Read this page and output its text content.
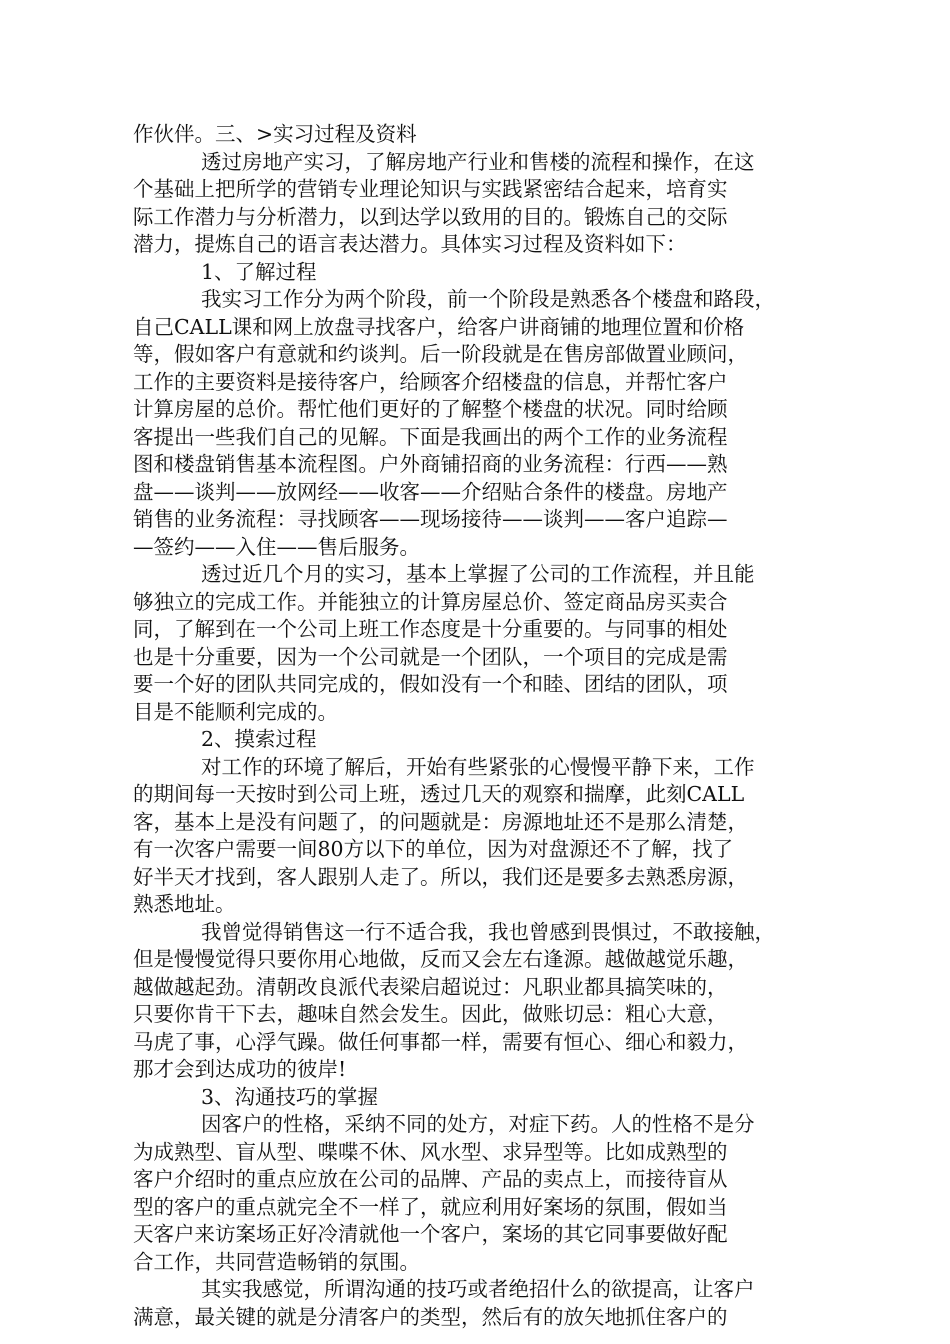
作伙伴。三、>实习过程及资料
透过房地产实习，了解房地产行业和售楼的流程和操作，在这
个基础上把所学的营销专业理论知识与实践紧密结合起来，培育实
际工作潜力与分析潜力，以到达学以致用的目的。锻炼自己的交际
潜力，提炼自己的语言表达潜力。具体实习过程及资料如下：
1、了解过程
我实习工作分为两个阶段，前一个阶段是熟悉各个楼盘和路段，
自己CALL课和网上放盘寻找客户，给客户讲商铺的地理位置和价格
等，假如客户有意就和约谈判。后一阶段就是在售房部做置业顾问，
工作的主要资料是接待客户，给顾客介绍楼盘的信息，并帮忙客户
计算房屋的总价。帮忙他们更好的了解整个楼盘的状况。同时给顾
客提出一些我们自己的见解。下面是我画出的两个工作的业务流程
图和楼盘销售基本流程图。户外商铺招商的业务流程：行西——熟
盘——谈判——放网经——收客——介绍贴合条件的楼盘。房地产
销售的业务流程：寻找顾客——现场接待——谈判——客户追踪—
—签约——入住——售后服务。
透过近几个月的实习，基本上掌握了公司的工作流程，并且能
够独立的完成工作。并能独立的计算房屋总价、签定商品房买卖合
同，了解到在一个公司上班工作态度是十分重要的。与同事的相处
也是十分重要，因为一个公司就是一个团队，一个项目的完成是需
要一个好的团队共同完成的，假如没有一个和睦、团结的团队，项
目是不能顺利完成的。
2、摸索过程
对工作的环境了解后，开始有些紧张的心慢慢平静下来，工作
的期间每一天按时到公司上班，透过几天的观察和揣摩，此刻CALL
客，基本上是没有问题了，的问题就是：房源地址还不是那么清楚，
有一次客户需要一间80方以下的单位，因为对盘源还不了解，找了
好半天才找到，客人跟别人走了。所以，我们还是要多去熟悉房源，
熟悉地址。
我曾觉得销售这一行不适合我，我也曾感到畏惧过，不敢接触，
但是慢慢觉得只要你用心地做，反而又会左右逢源。越做越觉乐趣，
越做越起劲。清朝改良派代表梁启超说过：凡职业都具搞笑味的，
只要你肯干下去，趣味自然会发生。因此，做账切忌：粗心大意，
马虎了事，心浮气躁。做任何事都一样，需要有恒心、细心和毅力，
那才会到达成功的彼岸!
3、沟通技巧的掌握
因客户的性格，采纳不同的处方，对症下药。人的性格不是分
为成熟型、盲从型、喋喋不休、风水型、求异型等。比如成熟型的
客户介绍时的重点应放在公司的品牌、产品的卖点上，而接待盲从
型的客户的重点就完全不一样了，就应利用好案场的氛围，假如当
天客户来访案场正好冷清就他一个客户，案场的其它同事要做好配
合工作，共同营造畅销的氛围。
其实我感觉，所谓沟通的技巧或者绝招什么的欲提高，让客户
满意，最关键的就是分清客户的类型，然后有的放矢地抓住客户的
